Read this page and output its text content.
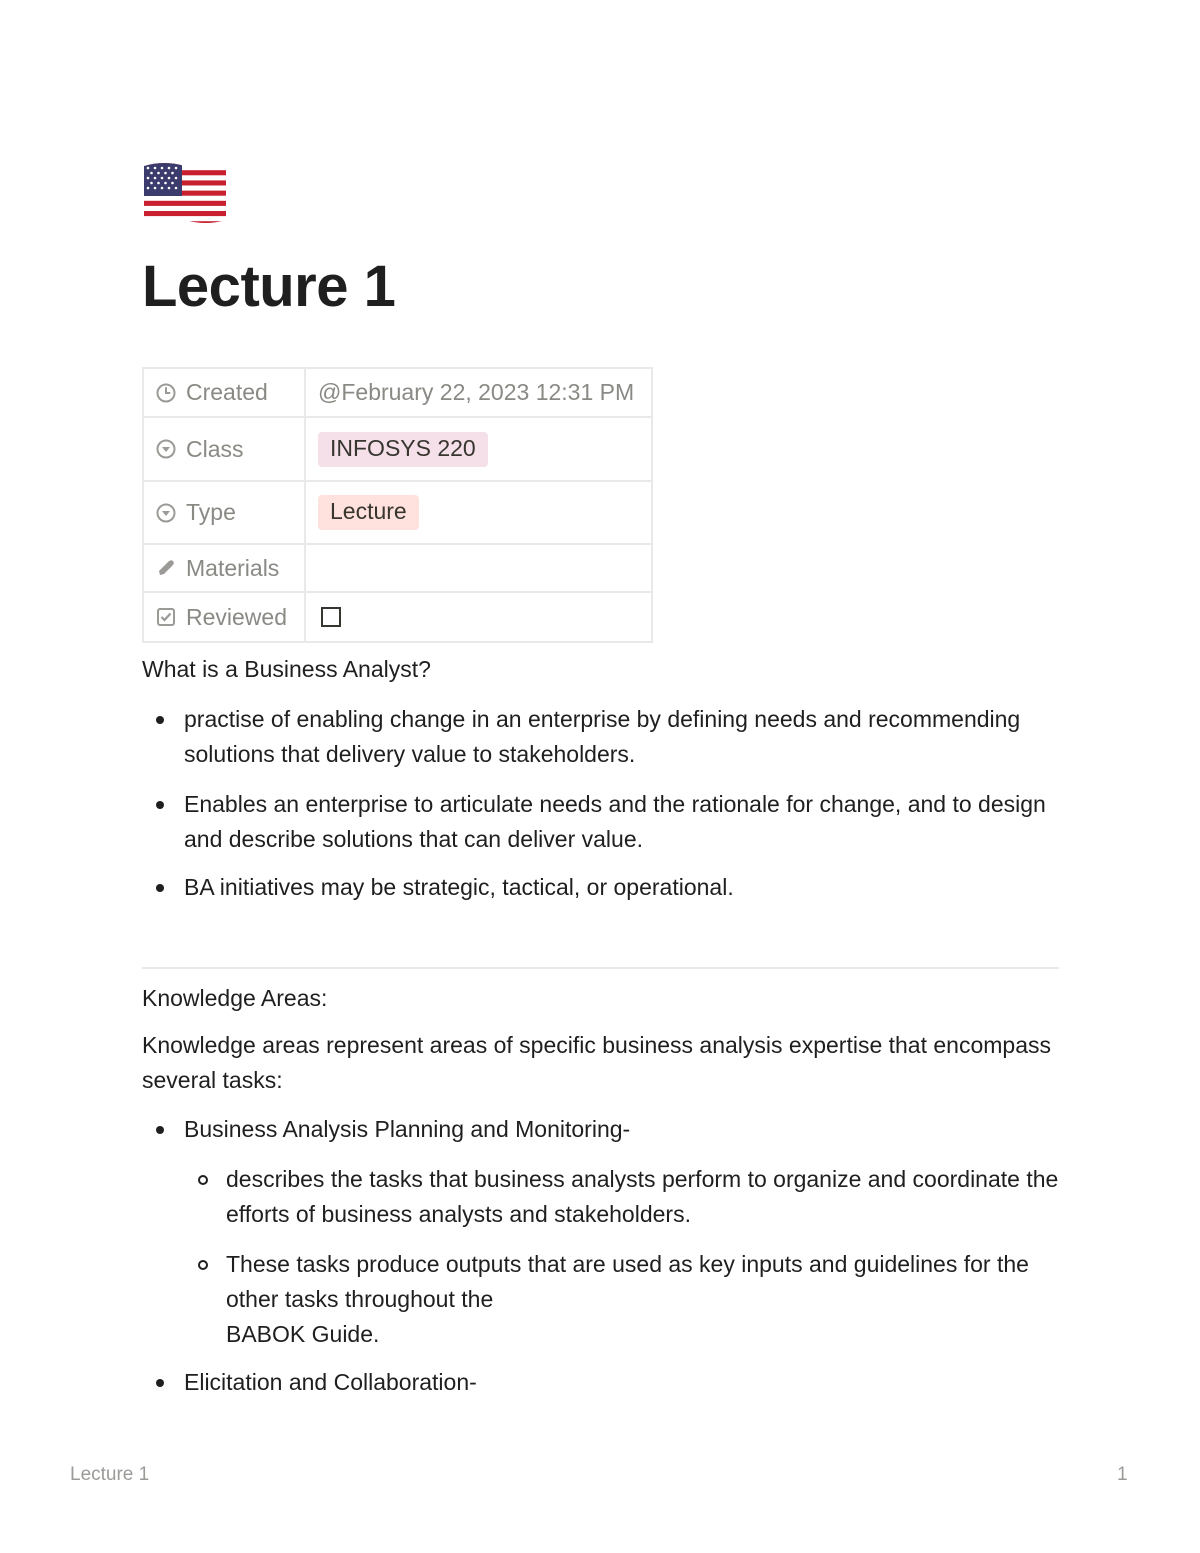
Lecture 1
Created	@February 22, 2023 12:31 PM

Class	INFOSYS 220

Type	Lecture

Materials	

Reviewed	

What is a Business Analyst?

practise of enabling change in an enterprise by defining needs and recommending solutions that delivery value to stakeholders.
Enables an enterprise to articulate needs and the rationale for change, and to design and describe solutions that can deliver value.
BA initiatives may be strategic, tactical, or operational.

Knowledge Areas:

Knowledge areas represent areas of specific business analysis expertise that encompass several tasks:

Business Analysis Planning and Monitoring-
describes the tasks that business analysts perform to organize and coordinate the efforts of business analysts and stakeholders.
These tasks produce outputs that are used as key inputs and guidelines for the other tasks throughout the
BABOK Guide.
Elicitation and Collaboration-
Lecture 1	1
